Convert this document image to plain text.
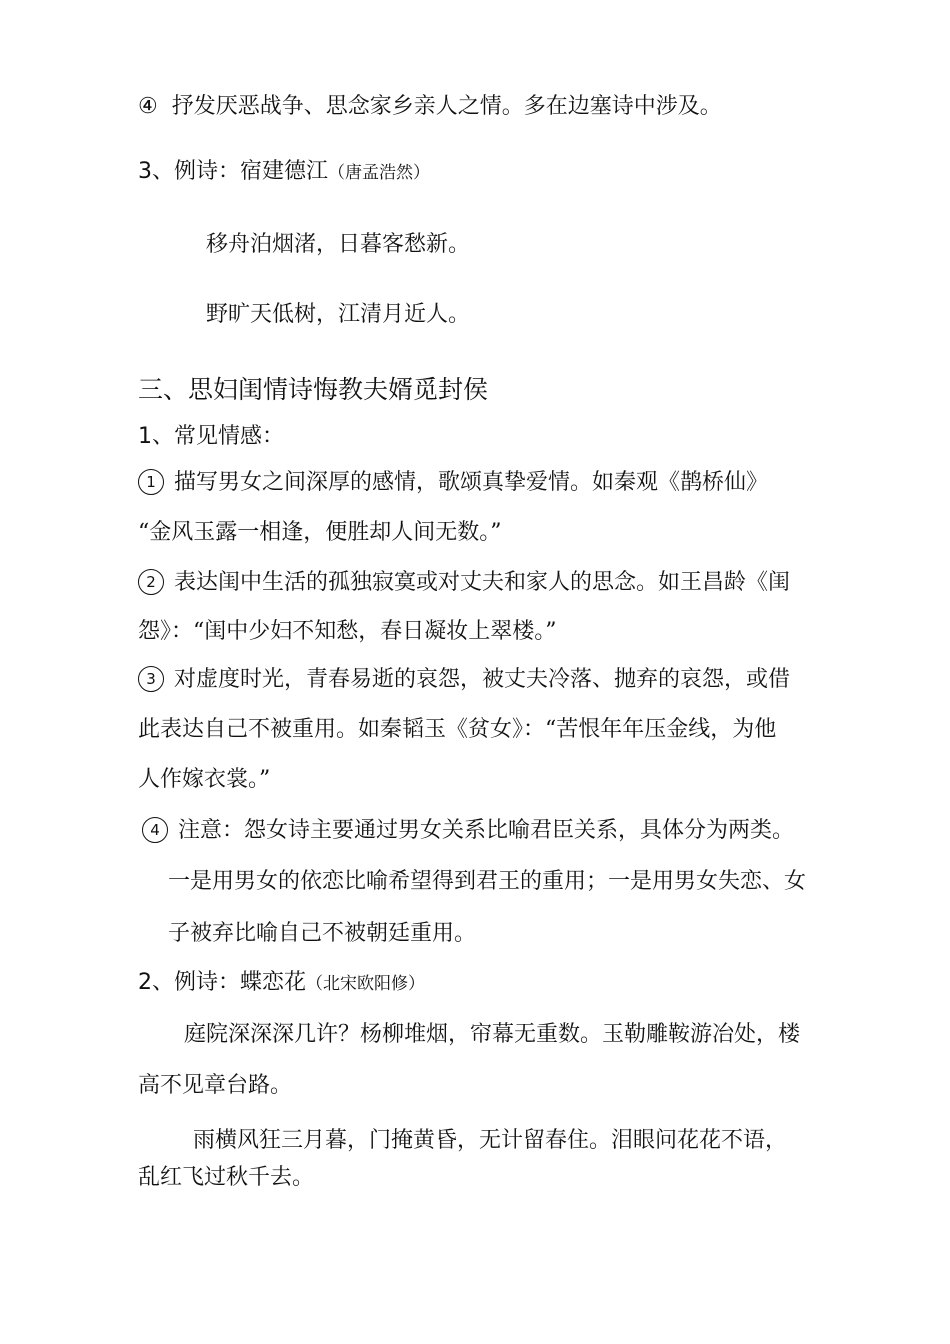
④ 抒发厌恶战争、思念家乡亲人之情。多在边塞诗中涉及。
3、例诗：宿建德江（唐孟浩然）
移舟泊烟渚，日暮客愁新。
野旷天低树，江清月近人。
三、思妇闺情诗悔教夫婿觅封侯
1、常见情感：
1 描写男女之间深厚的感情，歌颂真挚爱情。如秦观《鹊桥仙》
“金风玉露一相逢，便胜却人间无数。”
2 表达闺中生活的孤独寂寞或对丈夫和家人的思念。如王昌龄《闺
怨》：“闺中少妇不知愁，春日凝妆上翠楼。”
3 对虚度时光，青春易逝的哀怨，被丈夫冷落、抛弃的哀怨，或借
此表达自己不被重用。如秦韬玉《贫女》：“苦恨年年压金线，为他
人作嫁衣裳。”
4 注意：怨女诗主要通过男女关系比喻君臣关系，具体分为两类。
一是用男女的依恋比喻希望得到君王的重用；一是用男女失恋、女
子被弃比喻自己不被朝廷重用。
2、例诗：蝶恋花（北宋欧阳修）
庭院深深深几许？杨柳堆烟，帘幕无重数。玉勒雕鞍游冶处，楼
高不见章台路。
雨横风狂三月暮，门掩黄昏，无计留春住。泪眼问花花不语，
乱红飞过秋千去。
